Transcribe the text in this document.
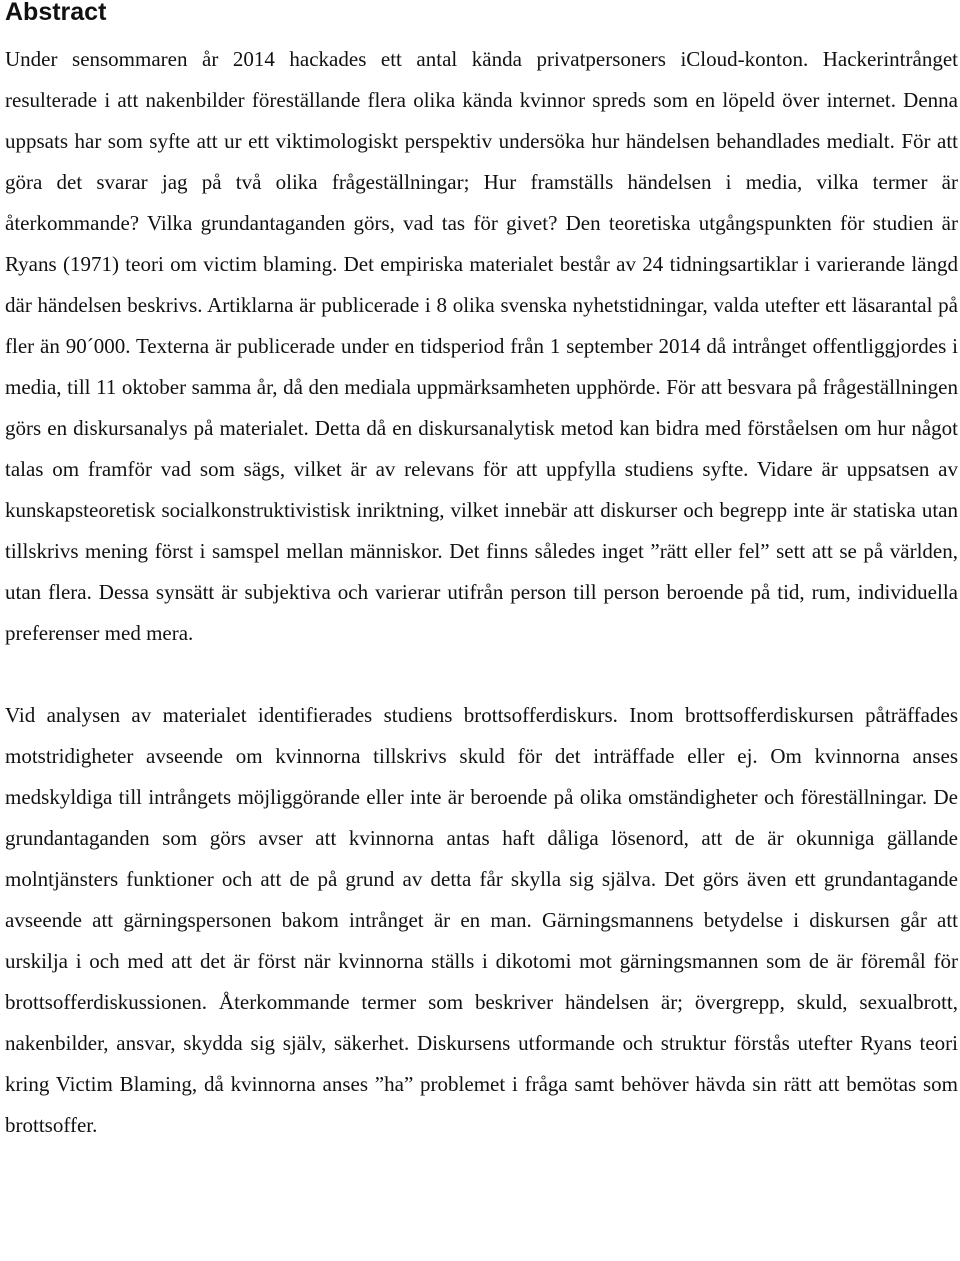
Abstract

Under sensommaren år 2014 hackades ett antal kända privatpersoners iCloud-konton. Hackerintrånget resulterade i att nakenbilder föreställande flera olika kända kvinnor spreds som en löpeld över internet. Denna uppsats har som syfte att ur ett viktimologiskt perspektiv undersöka hur händelsen behandlades medialt. För att göra det svarar jag på två olika frågeställningar; Hur framställs händelsen i media, vilka termer är återkommande? Vilka grundantaganden görs, vad tas för givet? Den teoretiska utgångspunkten för studien är Ryans (1971) teori om victim blaming. Det empiriska materialet består av 24 tidningsartiklar i varierande längd där händelsen beskrivs. Artiklarna är publicerade i 8 olika svenska nyhetstidningar, valda utefter ett läsarantal på fler än 90´000. Texterna är publicerade under en tidsperiod från 1 september 2014 då intrånget offentliggjordes i media, till 11 oktober samma år, då den mediala uppmärksamheten upphörde. För att besvara på frågeställningen görs en diskursanalys på materialet. Detta då en diskursanalytisk metod kan bidra med förståelsen om hur något talas om framför vad som sägs, vilket är av relevans för att uppfylla studiens syfte. Vidare är uppsatsen av kunskapsteoretisk socialkonstruktivistisk inriktning, vilket innebär att diskurser och begrepp inte är statiska utan tillskrivs mening först i samspel mellan människor. Det finns således inget ”rätt eller fel” sett att se på världen, utan flera. Dessa synsätt är subjektiva och varierar utifrån person till person beroende på tid, rum, individuella preferenser med mera.

Vid analysen av materialet identifierades studiens brottsofferdiskurs. Inom brottsofferdiskursen påträffades motstridigheter avseende om kvinnorna tillskrivs skuld för det inträffade eller ej. Om kvinnorna anses medskyldiga till intrångets möjliggörande eller inte är beroende på olika omständigheter och föreställningar. De grundantaganden som görs avser att kvinnorna antas haft dåliga lösenord, att de är okunniga gällande molntjänsters funktioner och att de på grund av detta får skylla sig själva. Det görs även ett grundantagande avseende att gärningspersonen bakom intrånget är en man. Gärningsmannens betydelse i diskursen går att urskilja i och med att det är först när kvinnorna ställs i dikotomi mot gärningsmannen som de är föremål för brottsofferdiskussionen. Återkommande termer som beskriver händelsen är; övergrepp, skuld, sexualbrott, nakenbilder, ansvar, skydda sig själv, säkerhet. Diskursens utformande och struktur förstås utefter Ryans teori kring Victim Blaming, då kvinnorna anses ”ha” problemet i fråga samt behöver hävda sin rätt att bemötas som brottsoffer.
